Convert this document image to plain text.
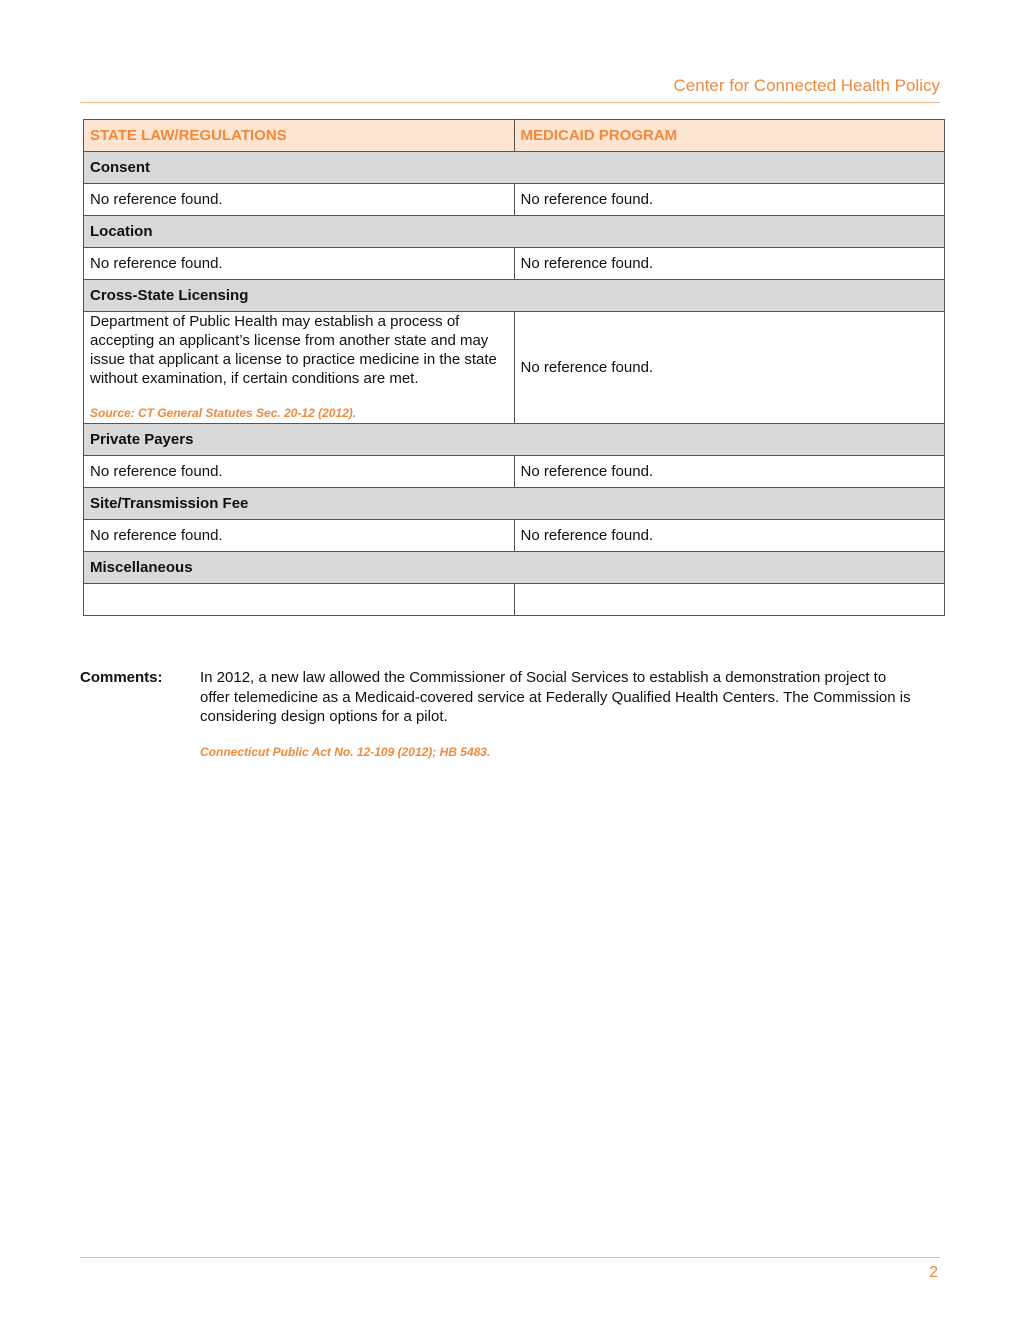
Center for Connected Health Policy
STATE LAW/REGULATIONS	MEDICAID PROGRAM
Consent	
No reference found.	No reference found.
Location	
No reference found.	No reference found.
Cross-State Licensing	

Department of Public Health may establish a process of accepting an applicant’s license from another state and may issue that applicant a license to practice medicine in the state without examination, if certain conditions are met.
Source: CT General Statutes Sec. 20-12 (2012).	No reference found.
Private Payers	
No reference found.	No reference found.
Site/Transmission Fee	
No reference found.	No reference found.
Miscellaneous	

Comments: In 2012, a new law allowed the Commissioner of Social Services to establish a demonstration project to offer telemedicine as a Medicaid-covered service at Federally Qualified Health Centers. The Commission is considering design options for a pilot.
Connecticut Public Act No. 12-109 (2012); HB 5483.
2
